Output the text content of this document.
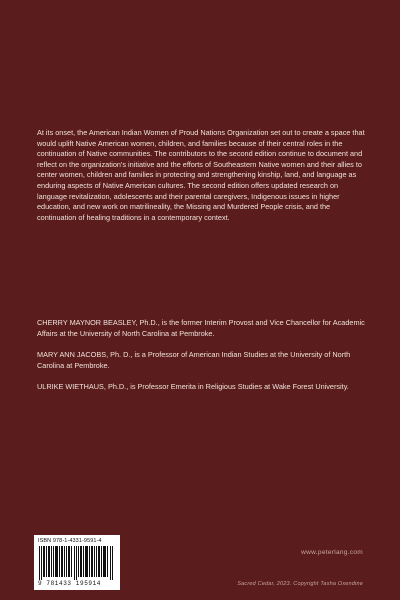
At its onset, the American Indian Women of Proud Nations Organization set out to create a space that would uplift Native American women, children, and families because of their central roles in the continuation of Native communities. The contributors to the second edition continue to document and reflect on the organization's initiative and the efforts of Southeastern Native women and their allies to center women, children and families in protecting and strengthening kinship, land, and language as enduring aspects of Native American cultures. The second edition offers updated research on language revitalization, adolescents and their parental caregivers, Indigenous issues in higher education, and new work on matrilineality, the Missing and Murdered People crisis, and the continuation of healing traditions in a contemporary context.

CHERRY MAYNOR BEASLEY, Ph.D., is the former Interim Provost and Vice Chancellor for Academic Affairs at the University of North Carolina at Pembroke.

MARY ANN JACOBS, Ph. D., is a Professor of American Indian Studies at the University of North Carolina at Pembroke.

ULRIKE WIETHAUS, Ph.D., is Professor Emerita in Religious Studies at Wake Forest University.

ISBN 978-1-4331-9591-4
9 781433 195914
www.peterlang.com
Sacred Cedar, 2023. Copyright Tasha Oxendine
